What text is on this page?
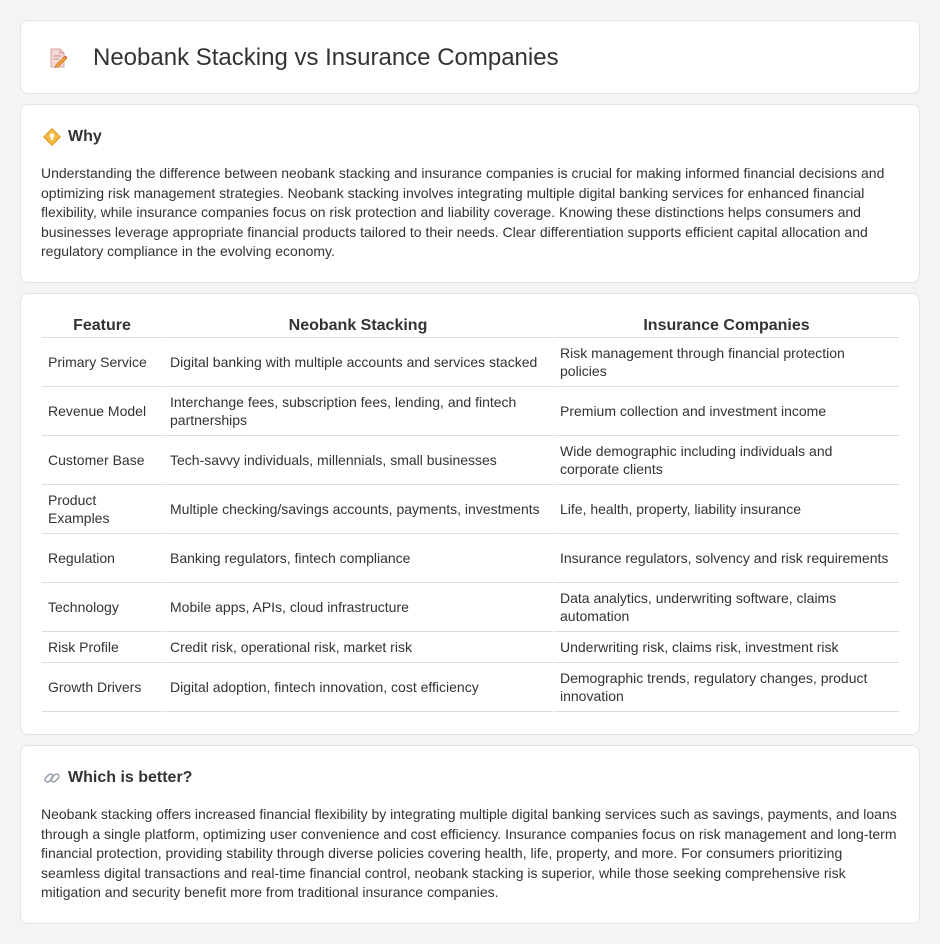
Neobank Stacking vs Insurance Companies
Why

Understanding the difference between neobank stacking and insurance companies is crucial for making informed financial decisions and optimizing risk management strategies. Neobank stacking involves integrating multiple digital banking services for enhanced financial flexibility, while insurance companies focus on risk protection and liability coverage. Knowing these distinctions helps consumers and businesses leverage appropriate financial products tailored to their needs. Clear differentiation supports efficient capital allocation and regulatory compliance in the evolving economy.

Feature	Neobank Stacking	Insurance Companies
Primary Service	Digital banking with multiple accounts and services stacked	Risk management through financial protection policies
Revenue Model	Interchange fees, subscription fees, lending, and fintech partnerships	Premium collection and investment income
Customer Base	Tech-savvy individuals, millennials, small businesses	Wide demographic including individuals and corporate clients
Product Examples	Multiple checking/savings accounts, payments, investments	Life, health, property, liability insurance
Regulation	Banking regulators, fintech compliance	Insurance regulators, solvency and risk requirements
Technology	Mobile apps, APIs, cloud infrastructure	Data analytics, underwriting software, claims automation
Risk Profile	Credit risk, operational risk, market risk	Underwriting risk, claims risk, investment risk
Growth Drivers	Digital adoption, fintech innovation, cost efficiency	Demographic trends, regulatory changes, product innovation
Which is better?

Neobank stacking offers increased financial flexibility by integrating multiple digital banking services such as savings, payments, and loans through a single platform, optimizing user convenience and cost efficiency. Insurance companies focus on risk management and long-term financial protection, providing stability through diverse policies covering health, life, property, and more. For consumers prioritizing seamless digital transactions and real-time financial control, neobank stacking is superior, while those seeking comprehensive risk mitigation and security benefit more from traditional insurance companies.
